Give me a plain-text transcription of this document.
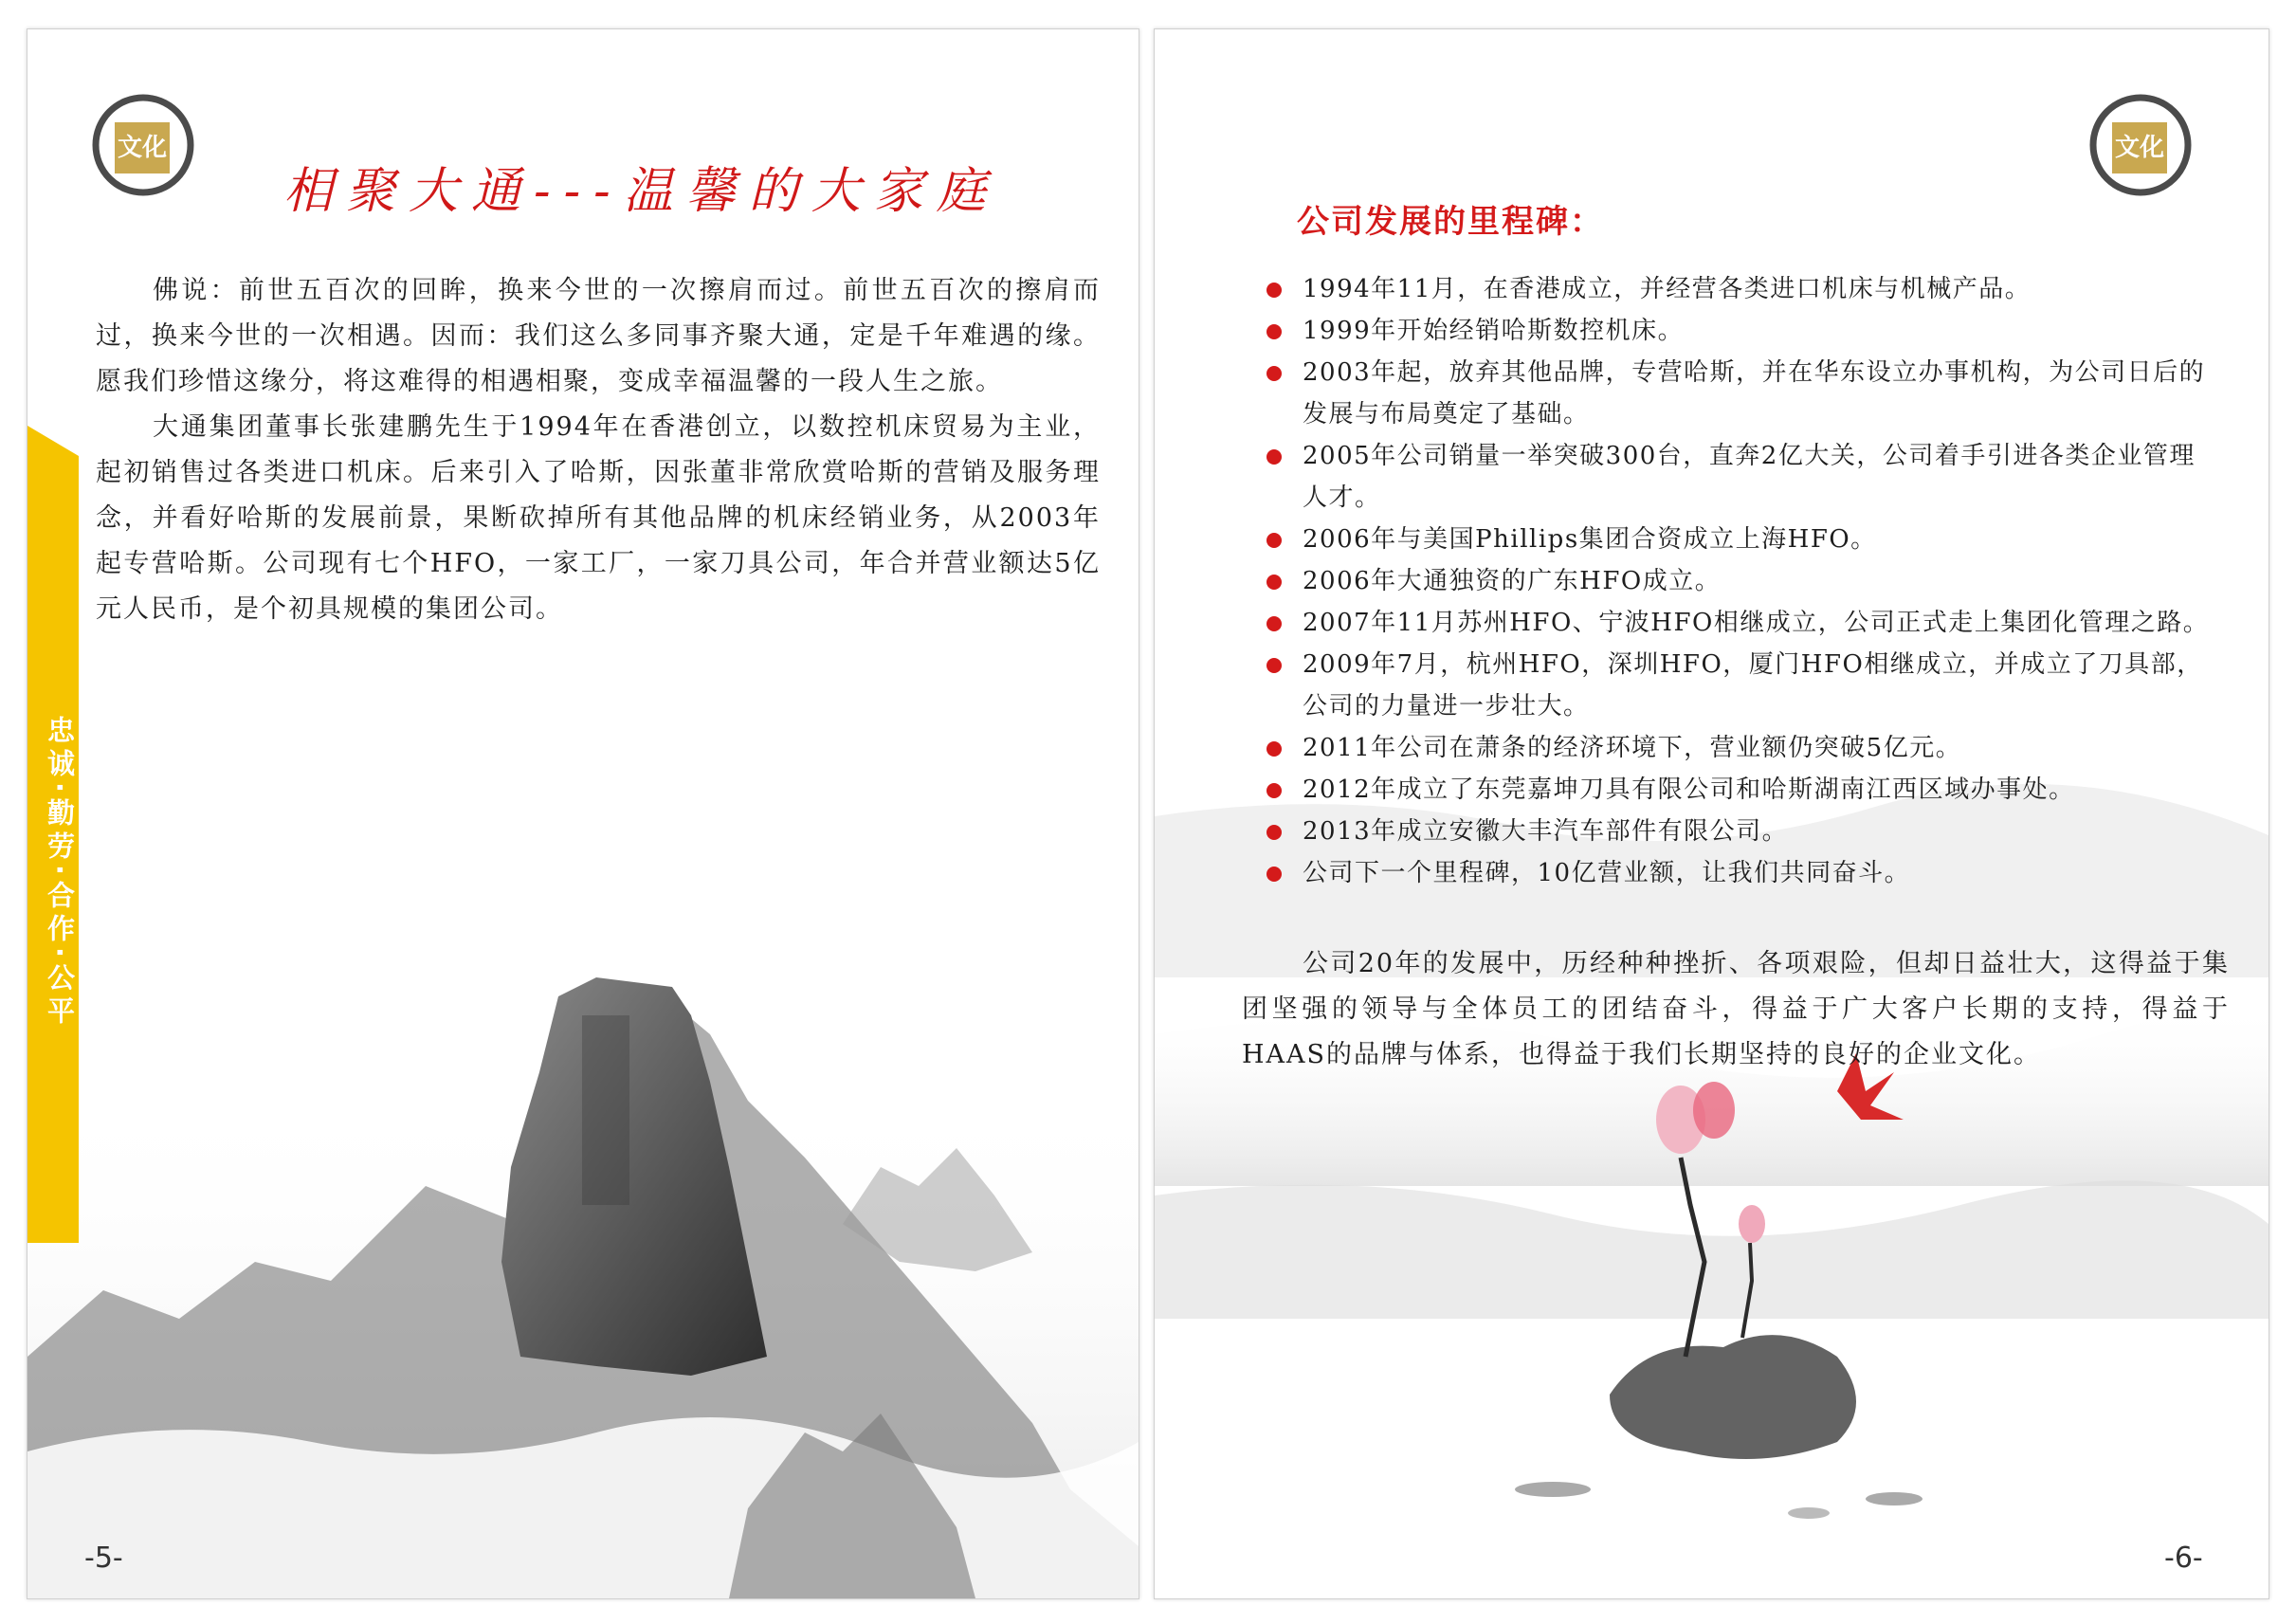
文化
相聚大通---温馨的大家庭

佛说：前世五百次的回眸，换来今世的一次擦肩而过。前世五百次的擦肩而过，换来今世的一次相遇。因而：我们这么多同事齐聚大通，定是千年难遇的缘。愿我们珍惜这缘分，将这难得的相遇相聚，变成幸福温馨的一段人生之旅。

大通集团董事长张建鹏先生于1994年在香港创立，以数控机床贸易为主业，起初销售过各类进口机床。后来引入了哈斯，因张董非常欣赏哈斯的营销及服务理念，并看好哈斯的发展前景，果断砍掉所有其他品牌的机床经销业务，从2003年起专营哈斯。公司现有七个HFO，一家工厂，一家刀具公司，年合并营业额达5亿元人民币，是个初具规模的集团公司。

忠诚·勤劳·合作·公平
-5-
文化
公司发展的里程碑：
1994年11月，在香港成立，并经营各类进口机床与机械产品。
1999年开始经销哈斯数控机床。
2003年起，放弃其他品牌，专营哈斯，并在华东设立办事机构，为公司日后的发展与布局奠定了基础。
2005年公司销量一举突破300台，直奔2亿大关，公司着手引进各类企业管理人才。
2006年与美国Phillips集团合资成立上海HFO。
2006年大通独资的广东HFO成立。
2007年11月苏州HFO、宁波HFO相继成立，公司正式走上集团化管理之路。
2009年7月，杭州HFO，深圳HFO，厦门HFO相继成立，并成立了刀具部，公司的力量进一步壮大。
2011年公司在萧条的经济环境下，营业额仍突破5亿元。
2012年成立了东莞嘉坤刀具有限公司和哈斯湖南江西区域办事处。
2013年成立安徽大丰汽车部件有限公司。
公司下一个里程碑，10亿营业额，让我们共同奋斗。

公司20年的发展中，历经种种挫折、各项艰险，但却日益壮大，这得益于集团坚强的领导与全体员工的团结奋斗，得益于广大客户长期的支持，得益于HAAS的品牌与体系，也得益于我们长期坚持的良好的企业文化。

-6-
